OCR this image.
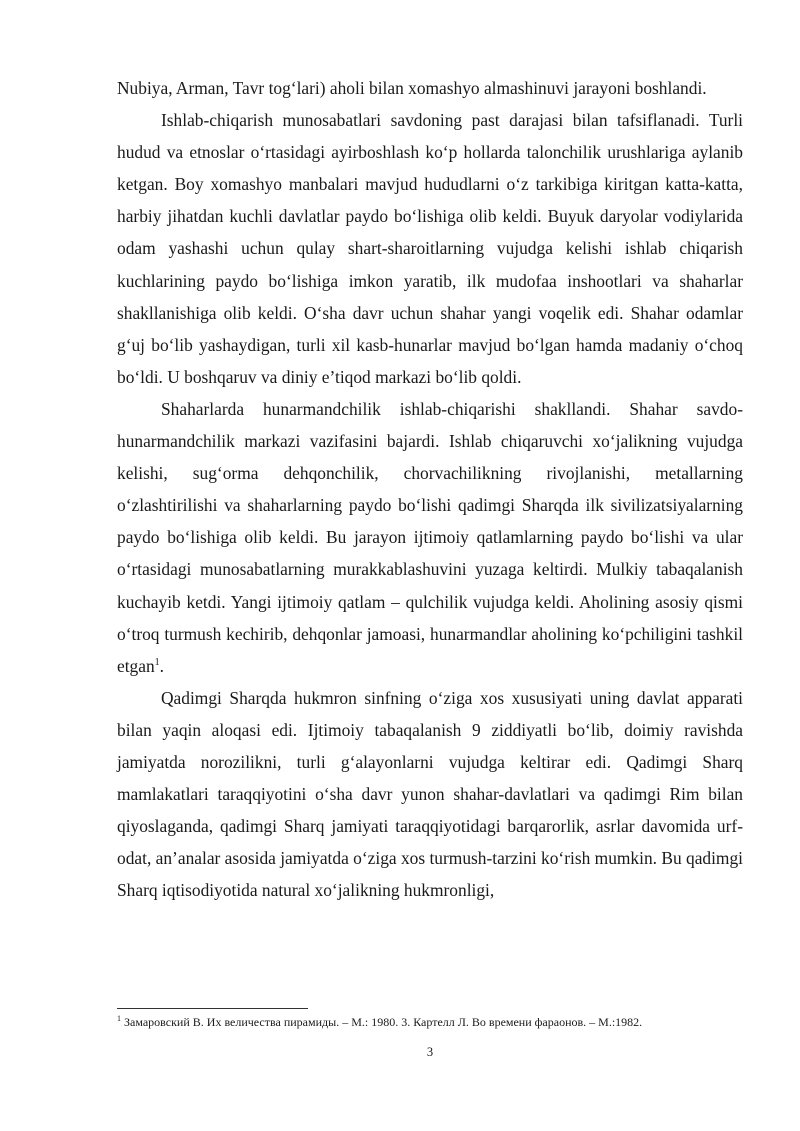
Nubiya, Arman, Tavr tog‘lari) aholi bilan xomashyo almashinuvi jarayoni boshlandi.

Ishlab-chiqarish munosabatlari savdoning past darajasi bilan tafsiflanadi. Turli hudud va etnoslar o‘rtasidagi ayirboshlash ko‘p hollarda talonchilik urushlariga aylanib ketgan. Boy xomashyo manbalari mavjud hududlarni o‘z tarkibiga kiritgan katta-katta, harbiy jihatdan kuchli davlatlar paydo bo‘lishiga olib keldi. Buyuk daryolar vodiylarida odam yashashi uchun qulay shart-sharoitlarning vujudga kelishi ishlab chiqarish kuchlarining paydo bo‘lishiga imkon yaratib, ilk mudofaa inshootlari va shaharlar shakllanishiga olib keldi. O‘sha davr uchun shahar yangi voqelik edi. Shahar odamlar g‘uj bo‘lib yashaydigan, turli xil kasb-hunarlar mavjud bo‘lgan hamda madaniy o‘choq bo‘ldi. U boshqaruv va diniy e’tiqod markazi bo‘lib qoldi.

Shaharlarda hunarmandchilik ishlab-chiqarishi shakllandi. Shahar savdo-hunarmandchilik markazi vazifasini bajardi. Ishlab chiqaruvchi xo‘jalikning vujudga kelishi, sug‘orma dehqonchilik, chorvachilikning rivojlanishi, metallarning o‘zlashtirilishi va shaharlarning paydo bo‘lishi qadimgi Sharqda ilk sivilizatsiyalarning paydo bo‘lishiga olib keldi. Bu jarayon ijtimoiy qatlamlarning paydo bo‘lishi va ular o‘rtasidagi munosabatlarning murakkablashuvini yuzaga keltirdi. Mulkiy tabaqalanish kuchayib ketdi. Yangi ijtimoiy qatlam – qulchilik vujudga keldi. Aholining asosiy qismi o‘troq turmush kechirib, dehqonlar jamoasi, hunarmandlar aholining ko‘pchiligini tashkil etgan$^1$.

Qadimgi Sharqda hukmron sinfning o‘ziga xos xususiyati uning davlat apparati bilan yaqin aloqasi edi. Ijtimoiy tabaqalanish 9 ziddiyatli bo‘lib, doimiy ravishda jamiyatda norozilikni, turli g‘alayonlarni vujudga keltirar edi. Qadimgi Sharq mamlakatlari taraqqiyotini o‘sha davr yunon shahar-davlatlari va qadimgi Rim bilan qiyoslaganda, qadimgi Sharq jamiyati taraqqiyotidagi barqarorlik, asrlar davomida urf-odat, an’analar asosida jamiyatda o‘ziga xos turmush-tarzini ko‘rish mumkin. Bu qadimgi Sharq iqtisodiyotida natural xo‘jalikning hukmronligi,

$^1$ Замаровский В. Их величества пирамиды. – М.: 1980. 3. Картелл Л. Во времени фараонов. – М.:1982.
3
